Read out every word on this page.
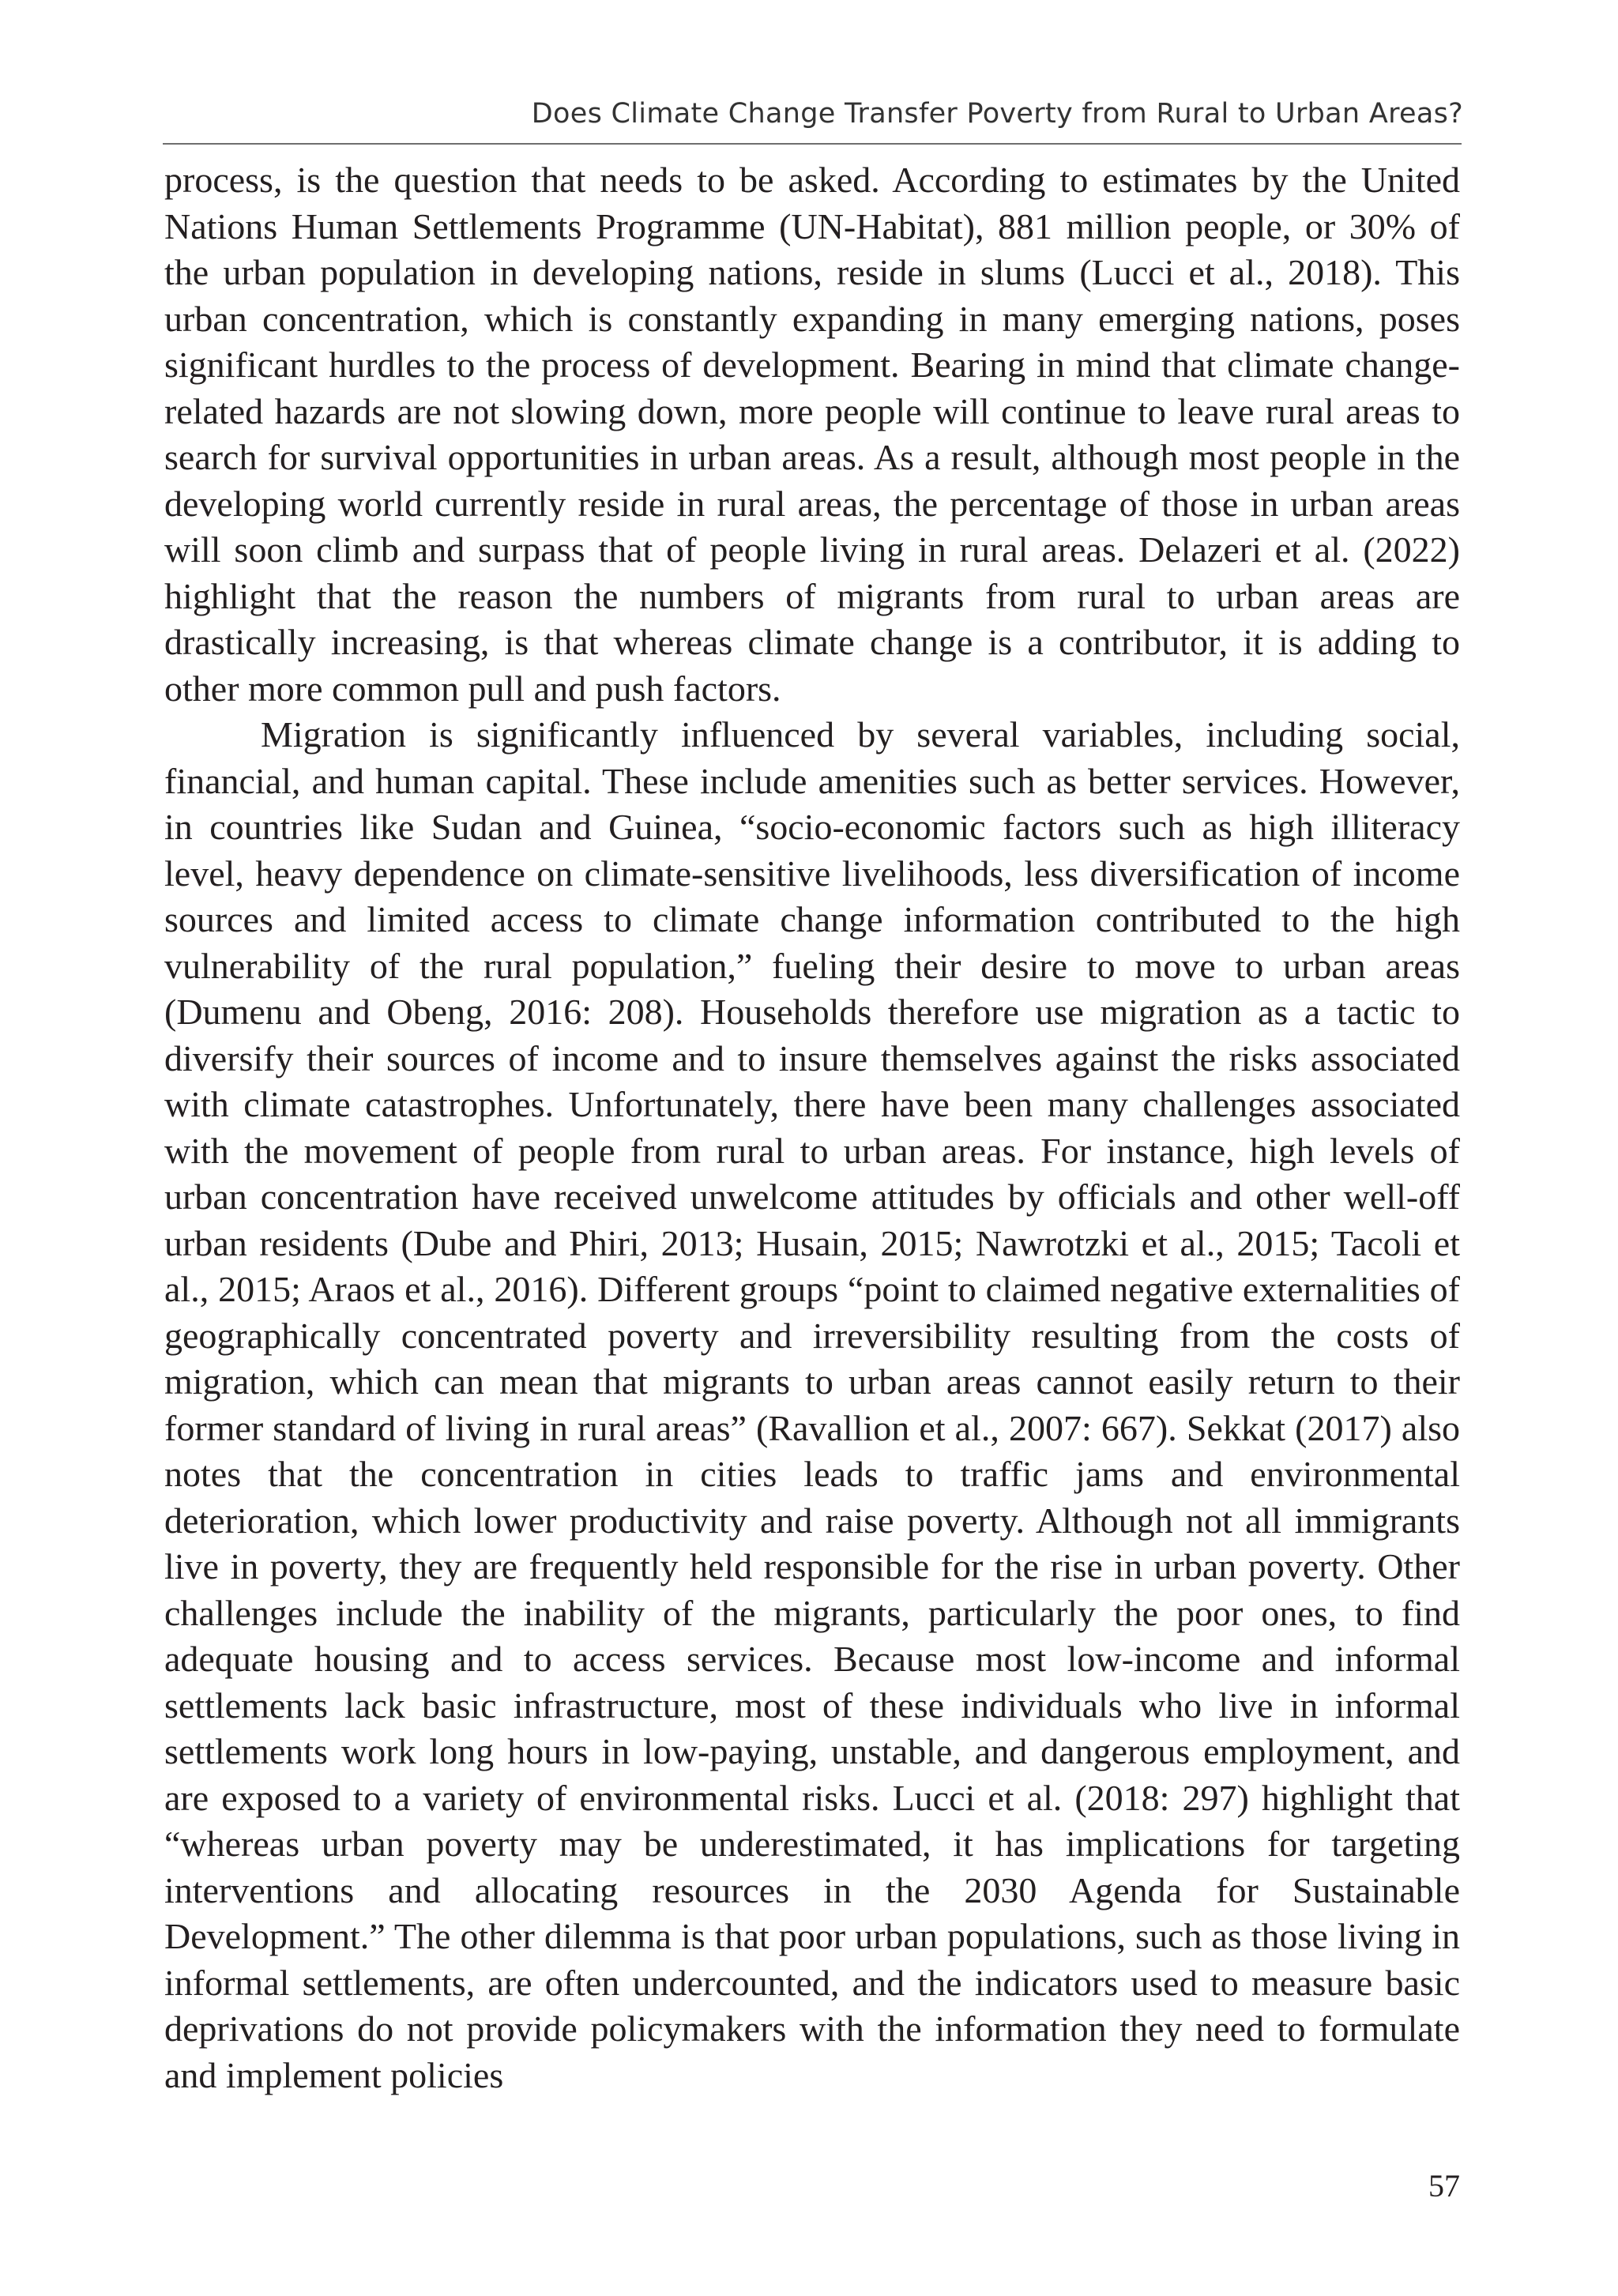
Does Climate Change Transfer Poverty from Rural to Urban Areas?

process, is the question that needs to be asked. According to estimates by the United Nations Human Settlements Programme (UN-Habitat), 881 million people, or 30% of the urban population in developing nations, reside in slums (Lucci et al., 2018). This urban concentration, which is constantly expanding in many emerging nations, poses significant hurdles to the process of development. Bearing in mind that climate change-related hazards are not slowing down, more people will continue to leave rural areas to search for survival opportunities in urban areas. As a result, although most people in the developing world currently reside in rural areas, the percentage of those in urban areas will soon climb and surpass that of people living in rural areas. Delazeri et al. (2022) highlight that the reason the numbers of migrants from rural to urban areas are drastically increasing, is that whereas climate change is a contributor, it is adding to other more common pull and push factors.

Migration is significantly influenced by several variables, including social, financial, and human capital. These include amenities such as better services. However, in countries like Sudan and Guinea, “socio-economic factors such as high illiteracy level, heavy dependence on climate-sensitive livelihoods, less diversification of income sources and limited access to climate change information contributed to the high vulnerability of the rural population,” fueling their desire to move to urban areas (Dumenu and Obeng, 2016: 208). Households therefore use migration as a tactic to diversify their sources of income and to insure themselves against the risks associated with climate catastrophes. Unfortunately, there have been many challenges associated with the movement of people from rural to urban areas. For instance, high levels of urban concentration have received unwelcome attitudes by officials and other well-off urban residents (Dube and Phiri, 2013; Husain, 2015; Nawrotzki et al., 2015; Tacoli et al., 2015; Araos et al., 2016). Different groups “point to claimed negative externalities of geographically concentrated poverty and irreversibility resulting from the costs of migration, which can mean that migrants to urban areas cannot easily return to their former standard of living in rural areas” (Ravallion et al., 2007: 667). Sekkat (2017) also notes that the concentration in cities leads to traffic jams and environmental deterioration, which lower productivity and raise poverty. Although not all immigrants live in poverty, they are frequently held responsible for the rise in urban poverty. Other challenges include the inability of the migrants, particularly the poor ones, to find adequate housing and to access services. Because most low-income and informal settlements lack basic infrastructure, most of these individuals who live in informal settlements work long hours in low-paying, unstable, and dangerous employment, and are exposed to a variety of environmental risks. Lucci et al. (2018: 297) highlight that “whereas urban poverty may be underestimated, it has implications for targeting interventions and allocating resources in the 2030 Agenda for Sustainable Development.” The other dilemma is that poor urban populations, such as those living in informal settlements, are often undercounted, and the indicators used to measure basic deprivations do not provide policymakers with the information they need to formulate and implement policies

57
